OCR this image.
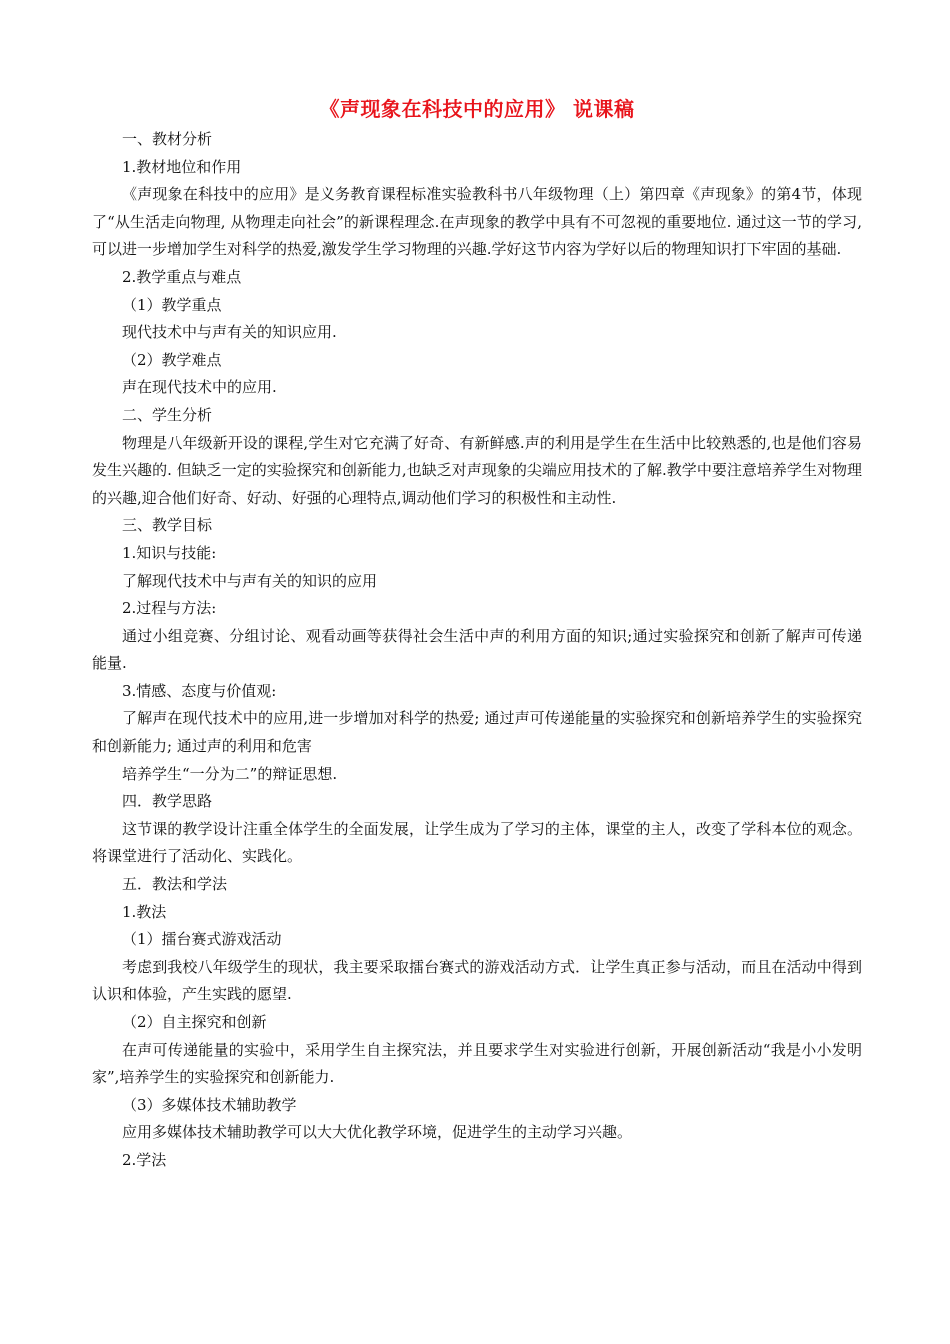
《声现象在科技中的应用》 说课稿

一、教材分析

1.教材地位和作用

《声现象在科技中的应用》是义务教育课程标准实验教科书八年级物理（上）第四章《声现象》的第4节，体现了“从生活走向物理, 从物理走向社会”的新课程理念.在声现象的教学中具有不可忽视的重要地位. 通过这一节的学习,可以进一步增加学生对科学的热爱,激发学生学习物理的兴趣.学好这节内容为学好以后的物理知识打下牢固的基础.

2.教学重点与难点

（1）教学重点

现代技术中与声有关的知识应用.

（2）教学难点

声在现代技术中的应用.

二、学生分析

物理是八年级新开设的课程,学生对它充满了好奇、有新鲜感.声的利用是学生在生活中比较熟悉的,也是他们容易发生兴趣的. 但缺乏一定的实验探究和创新能力,也缺乏对声现象的尖端应用技术的了解.教学中要注意培养学生对物理的兴趣,迎合他们好奇、好动、好强的心理特点,调动他们学习的积极性和主动性.

三、教学目标

1.知识与技能:

了解现代技术中与声有关的知识的应用

2.过程与方法:

通过小组竞赛、分组讨论、观看动画等获得社会生活中声的利用方面的知识;通过实验探究和创新了解声可传递能量.

3.情感、态度与价值观:

了解声在现代技术中的应用,进一步增加对科学的热爱; 通过声可传递能量的实验探究和创新培养学生的实验探究和创新能力; 通过声的利用和危害

培养学生“一分为二”的辩证思想.

四．教学思路

这节课的教学设计注重全体学生的全面发展，让学生成为了学习的主体，课堂的主人，改变了学科本位的观念。将课堂进行了活动化、实践化。

五．教法和学法

1.教法

（1）擂台赛式游戏活动

考虑到我校八年级学生的现状，我主要采取擂台赛式的游戏活动方式．让学生真正参与活动，而且在活动中得到认识和体验，产生实践的愿望.

（2）自主探究和创新

在声可传递能量的实验中，采用学生自主探究法，并且要求学生对实验进行创新，开展创新活动“我是小小发明家”,培养学生的实验探究和创新能力.

（3）多媒体技术辅助教学

应用多媒体技术辅助教学可以大大优化教学环境，促进学生的主动学习兴趣。

2.学法
